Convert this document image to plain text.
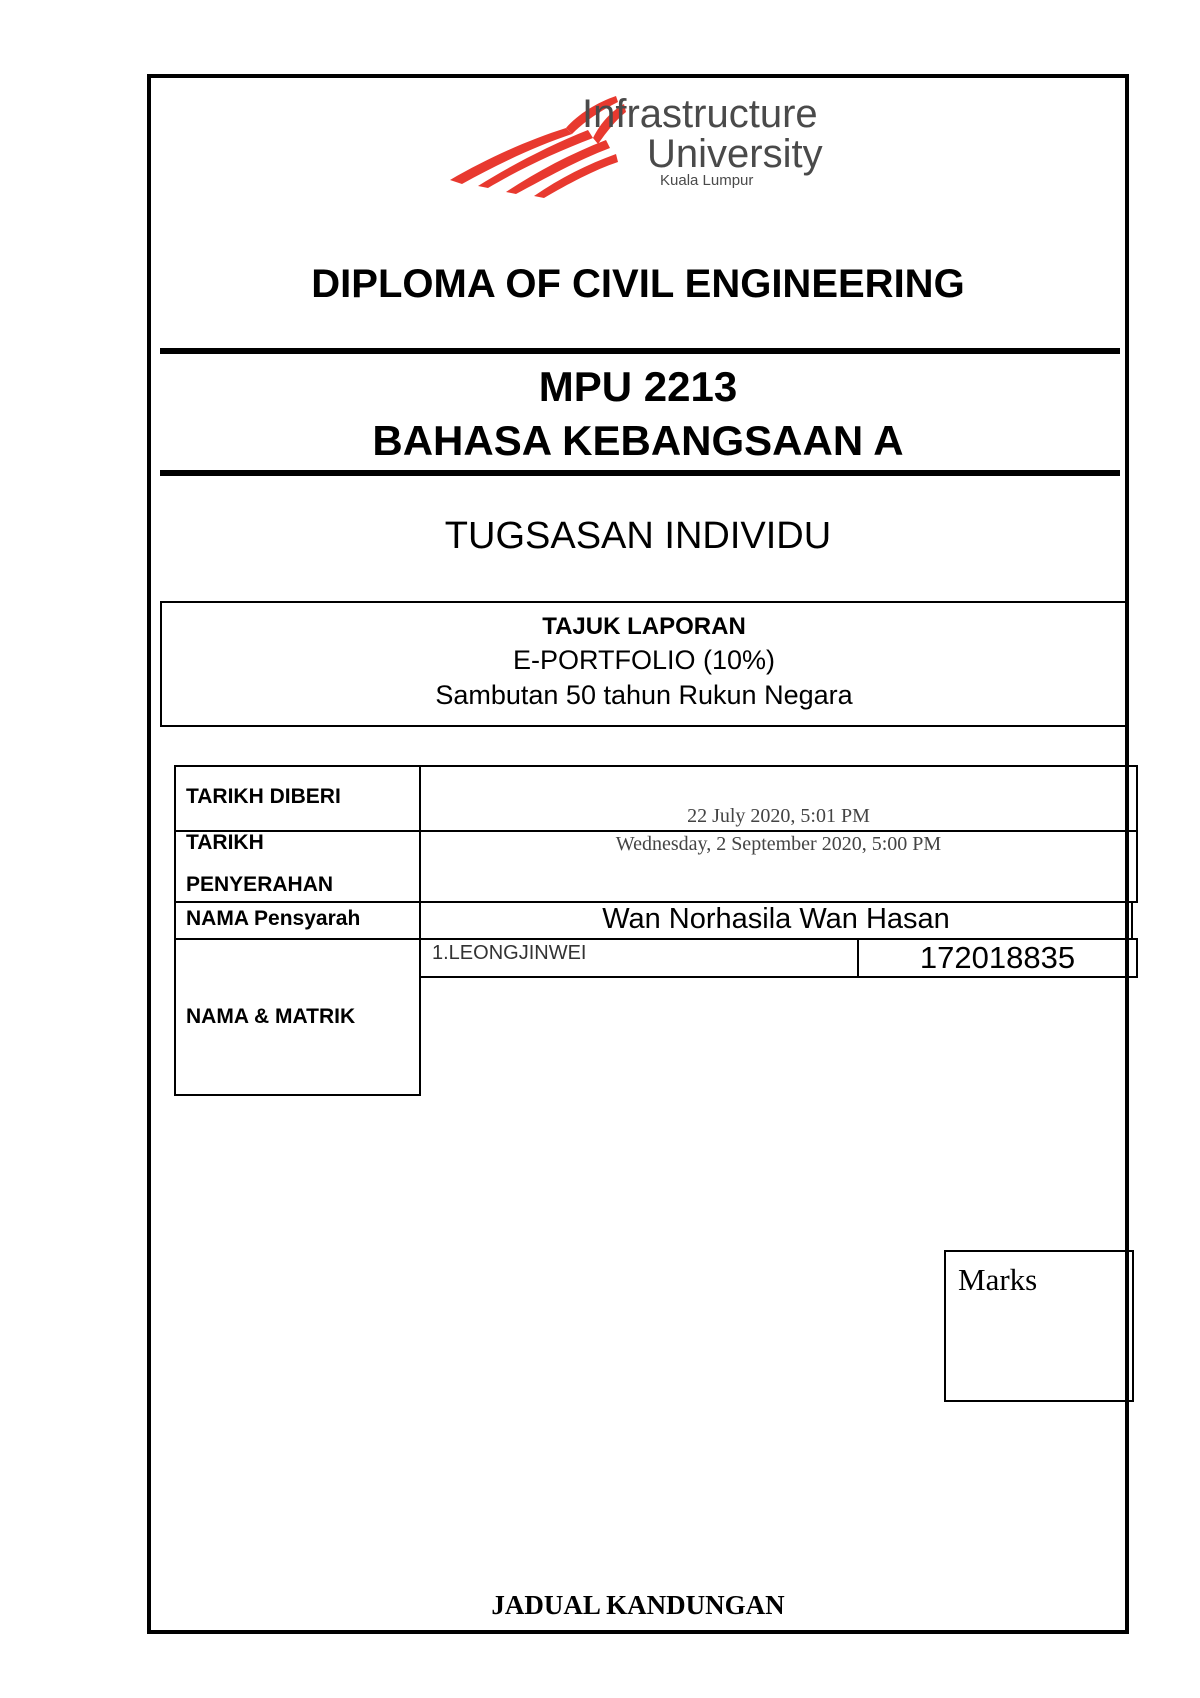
Infrastructure
University
Kuala Lumpur
DIPLOMA OF CIVIL ENGINEERING
MPU 2213
BAHASA KEBANGSAAN A
TUGSASAN INDIVIDU
TAJUK LAPORAN
E-PORTFOLIO (10%)
Sambutan 50 tahun Rukun Negara
TARIKH DIBERI
22 July 2020, 5:01 PM
TARIKH
PENYERAHAN
Wednesday, 2 September 2020, 5:00 PM
NAMA Pensyarah	Wan Norhasila Wan Hasan
NAMA & MATRIK
1.LEONGJINWEI	172018835
Marks
JADUAL KANDUNGAN
